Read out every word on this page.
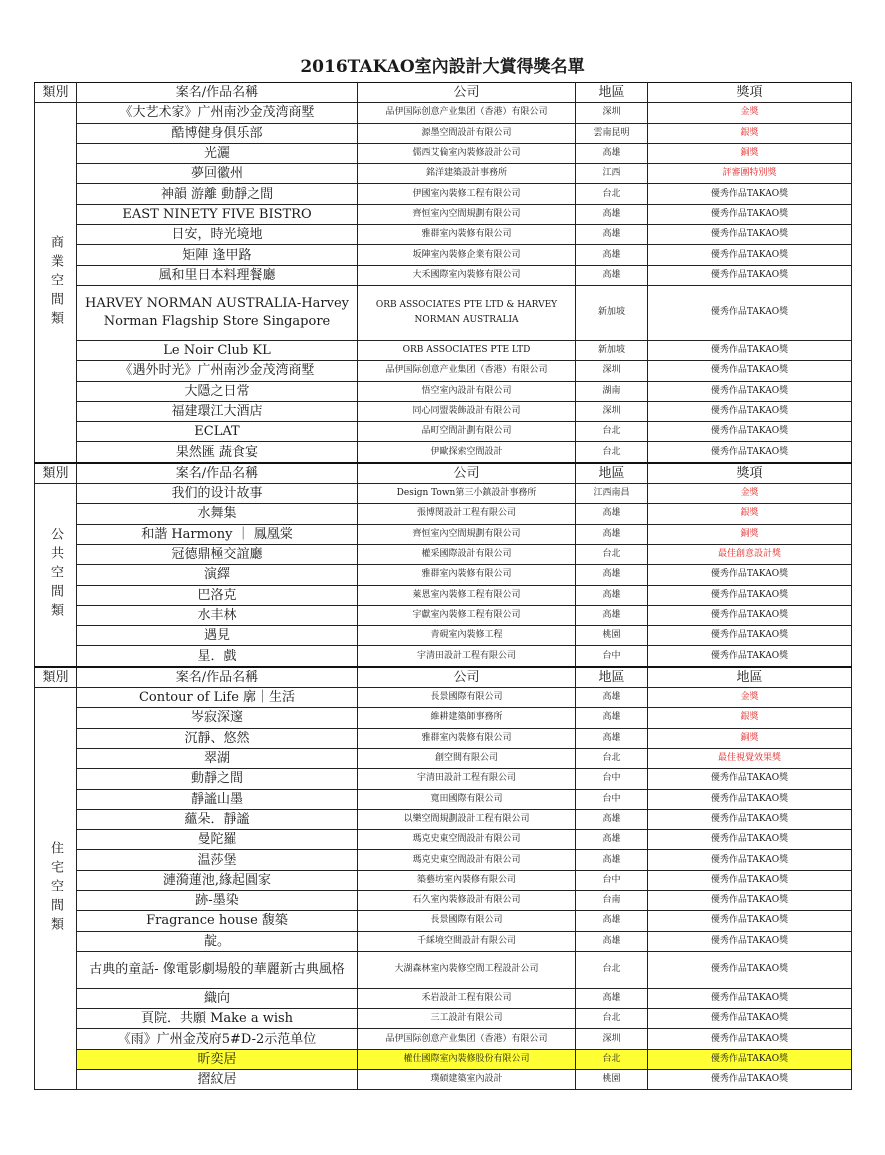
2016TAKAO室內設計大賞得獎名單
類別	案名/作品名稱	公司	地區	獎項
商業空間類	《大艺术家》广州南沙金茂湾商墅	品伊国际创意产业集团（香港）有限公司	深圳	金獎
	酷博健身俱乐部	源墨空間設計有限公司	雲南昆明	銀獎
	光灑	儒西艾倫室內裝修設計公司	高雄	銅獎
	夢回徽州	銘洋建築設計事務所	江西	評審團特別獎
	神韻 游離 動靜之間	伊國室內裝修工程有限公司	台北	優秀作品TAKAO獎
	EAST NINETY FIVE BISTRO	齊恒室內空間規劃有限公司	高雄	優秀作品TAKAO獎
	日安，時光境地	雅群室內裝修有限公司	高雄	優秀作品TAKAO獎
	矩陣 逢甲路	坂陣室內裝修企業有限公司	高雄	優秀作品TAKAO獎
	風和里日本料理餐廳	大禾國際室內裝修有限公司	高雄	優秀作品TAKAO獎
	HARVEY NORMAN AUSTRALIA-Harvey Norman Flagship Store Singapore	ORB ASSOCIATES PTE LTD & HARVEY NORMAN AUSTRALIA	新加坡	優秀作品TAKAO獎
	Le Noir Club KL	ORB ASSOCIATES PTE LTD	新加坡	優秀作品TAKAO獎
	《遇外时光》广州南沙金茂湾商墅	品伊国际创意产业集团（香港）有限公司	深圳	優秀作品TAKAO獎
	大隱之日常	悟空室內設計有限公司	湖南	優秀作品TAKAO獎
	福建環江大酒店	同心同盟裝飾設計有限公司	深圳	優秀作品TAKAO獎
	ECLAT	品町空間計劃有限公司	台北	優秀作品TAKAO獎
	果然匯 蔬食宴	伊歐探索空間設計	台北	優秀作品TAKAO獎
類別	案名/作品名稱	公司	地區	獎項
公共空間類	我们的设计故事	Design Town第三小鎮設計事務所	江西南昌	金獎
	水舞集	張博閔設計工程有限公司	高雄	銀獎
	和諧 Harmony ｜ 鳳凰棠	齊恒室內空間規劃有限公司	高雄	銅獎
	冠德鼎極交誼廳	權采國際設計有限公司	台北	最佳創意設計獎
	演繹	雅群室內裝修有限公司	高雄	優秀作品TAKAO獎
	巴洛克	萊恩室內裝修工程有限公司	高雄	優秀作品TAKAO獎
	水丰林	宇獻室內裝修工程有限公司	高雄	優秀作品TAKAO獎
	遇見	青硯室內裝修工程	桃園	優秀作品TAKAO獎
	星．戲	宇清田設計工程有限公司	台中	優秀作品TAKAO獎
類別	案名/作品名稱	公司	地區	地區
住宅空間類	Contour of Life 廓｜生活	長景國際有限公司	高雄	金獎
	岑寂深邃	維耕建築師事務所	高雄	銀獎
	沉靜、悠然	雅群室內裝修有限公司	高雄	銅獎
	翠湖	創空間有限公司	台北	最佳視覺效果獎
	動靜之間	宇清田設計工程有限公司	台中	優秀作品TAKAO獎
	靜謐山墨	寬田國際有限公司	台中	優秀作品TAKAO獎
	蘊朵．靜謐	以樂空間規劃設計工程有限公司	高雄	優秀作品TAKAO獎
	曼陀羅	瑪克史東空間設計有限公司	高雄	優秀作品TAKAO獎
	温莎堡	瑪克史東空間設計有限公司	高雄	優秀作品TAKAO獎
	漣漪蓮池,緣起圓家	築藝坊室內裝修有限公司	台中	優秀作品TAKAO獎
	跡-墨染	石久室內裝修設計有限公司	台南	優秀作品TAKAO獎
	Fragrance house 馥築	長景國際有限公司	高雄	優秀作品TAKAO獎
	靛。	千綵境空間設計有限公司	高雄	優秀作品TAKAO獎
	古典的童話- 像電影劇場般的華麗新古典風格	大湖森林室內裝修空間工程設計公司	台北	優秀作品TAKAO獎
	織向	禾岩設計工程有限公司	高雄	優秀作品TAKAO獎
	頁院．共願 Make a wish	三工設計有限公司	台北	優秀作品TAKAO獎
	《雨》广州金茂府5#D-2示范单位	品伊国际创意产业集团（香港）有限公司	深圳	優秀作品TAKAO獎
	昕奕居	權仕國際室內裝修股份有限公司	台北	優秀作品TAKAO獎
	摺紋居	璞碩建築室內設計	桃園	優秀作品TAKAO獎
